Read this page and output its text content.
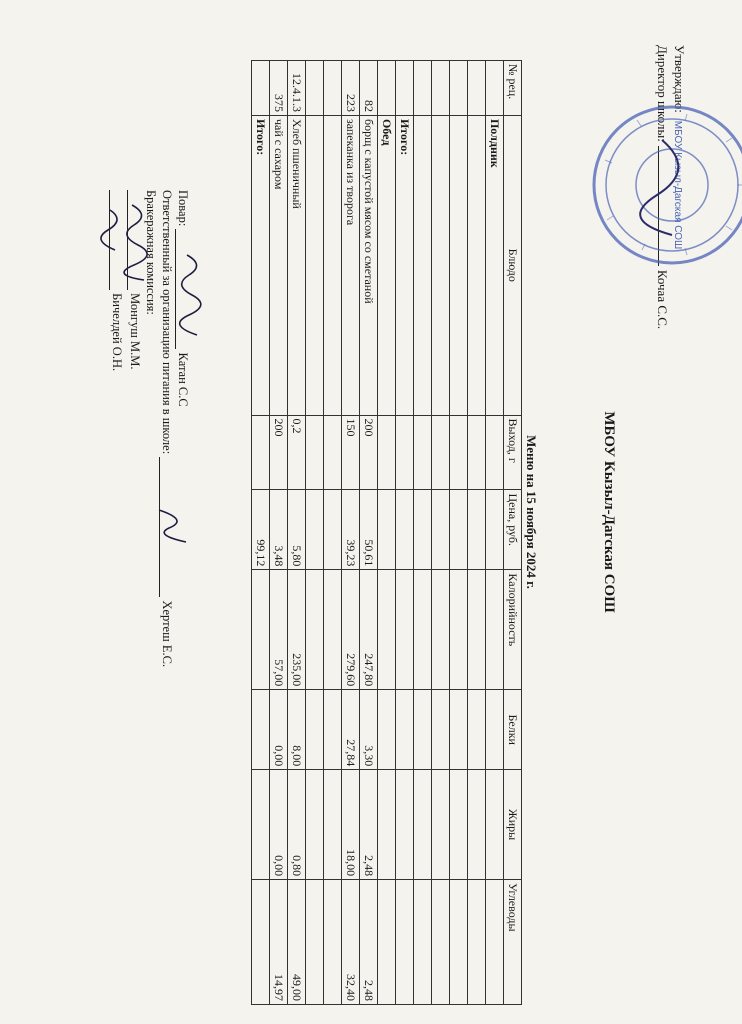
Утверждаю:
Директор школы:Кочаа С.С.
МБОУ Кызыл-Дагская СОШ
МБОУ Кызыл-Дагская СОШ
Меню на 15 ноября 2024 г.
№ рец.	Блюдо	Выход, г	Цена, руб.	Калорийность	Белки	Жиры	Углеводы
	Полдник						

	Итого:						
	Обед						
82	борщ с капустой мясом со сметаной	200	50,61	247,80	3,30	2,48	2,48
223	запеканка из творога	150	39,23	279,60	27,84	18,00	32,40

12.4.1.3	Хлеб пшеничный	0,2	5,80	235,00	8,00	0,80	49,00
375	чай с сахаром	200	3,48	57,00	0,00	0,00	14,97
	Итого:		99,12				
Повар:  Катан С.С
Ответственный за организацию питания в школе:  Хертеш Е.С.
Бракеражная комиссия:
Монгуш М.М.
Бичелдей О.Н.
